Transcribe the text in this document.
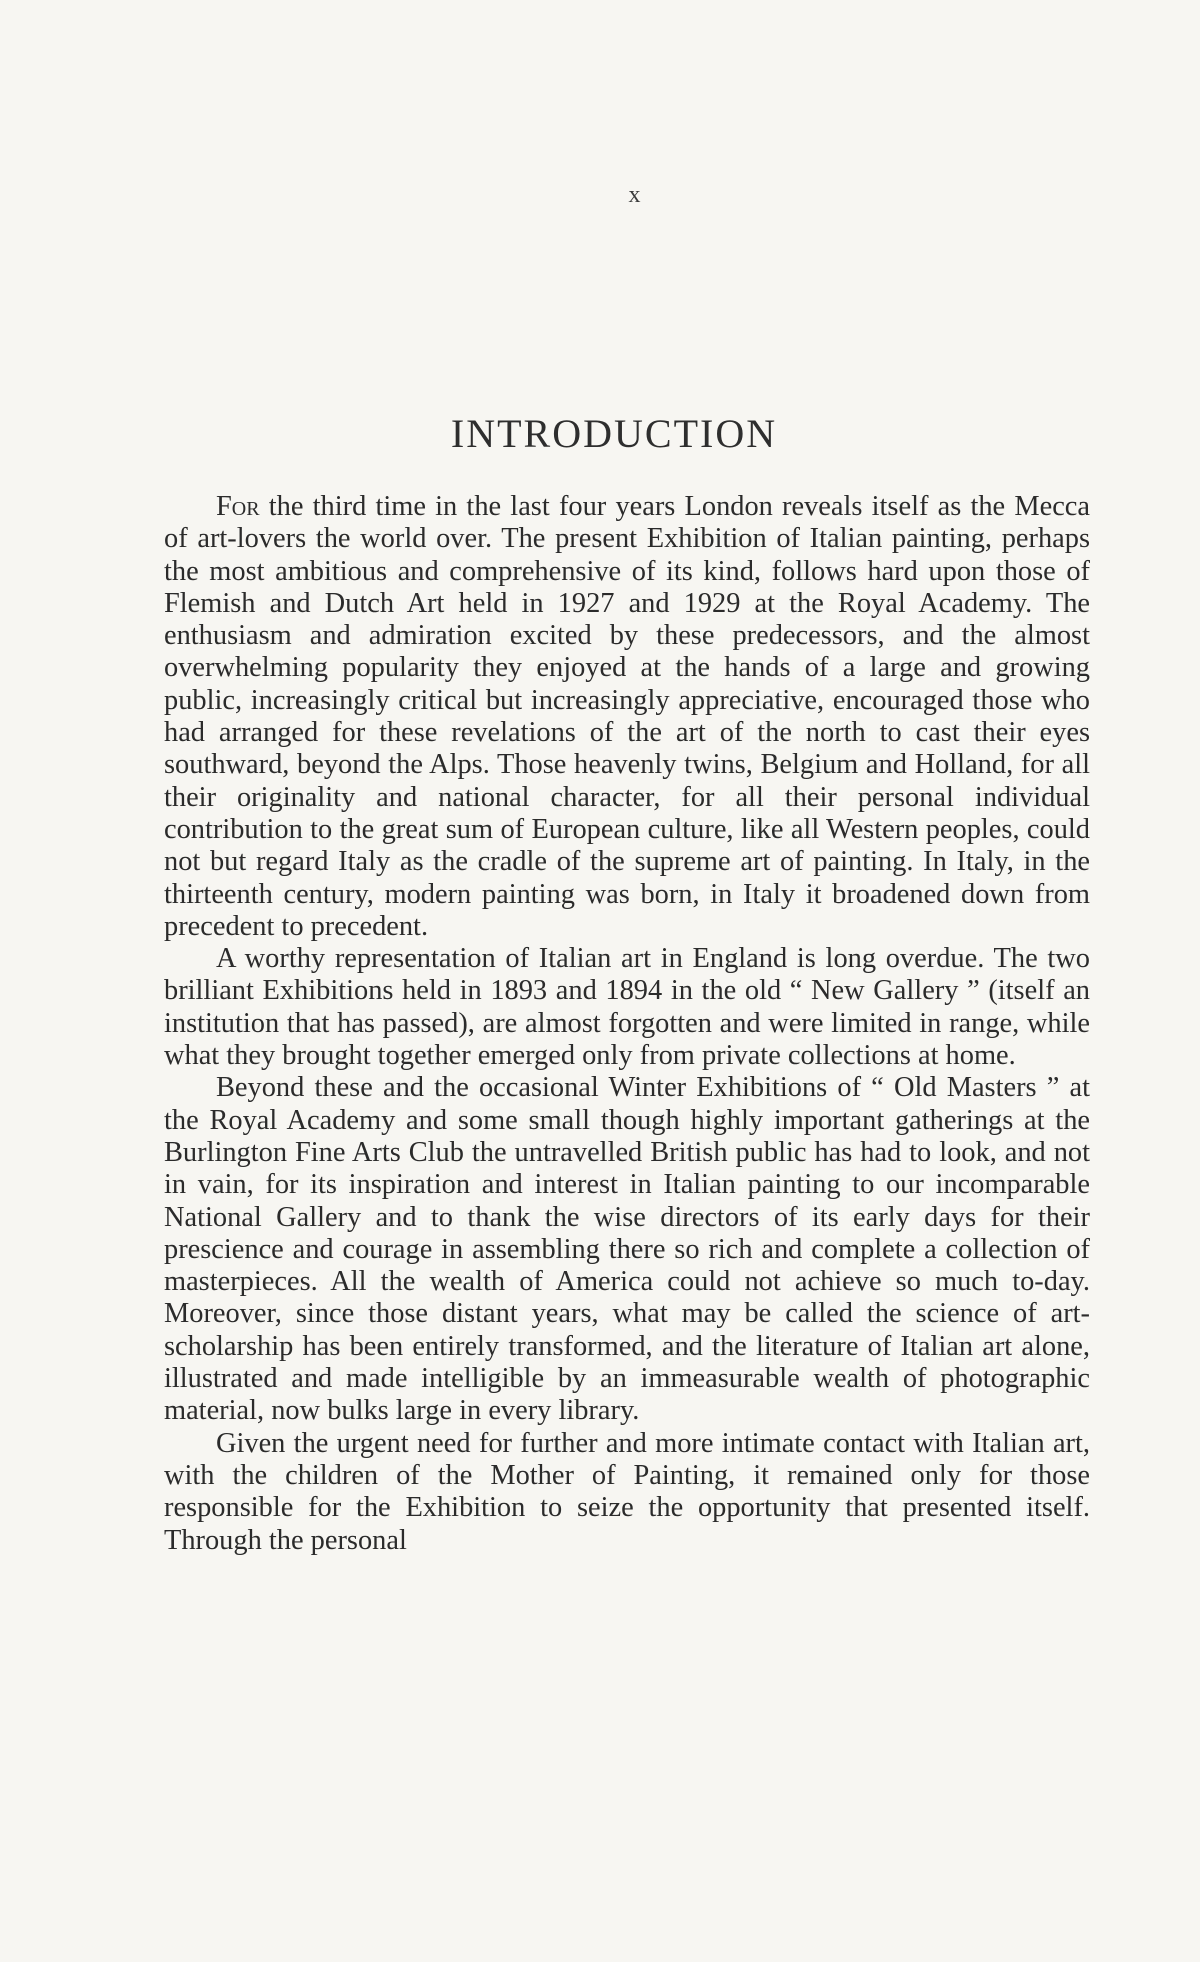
x
INTRODUCTION

For the third time in the last four years London reveals itself as the Mecca of art-lovers the world over. The present Exhibition of Italian painting, perhaps the most ambitious and comprehensive of its kind, follows hard upon those of Flemish and Dutch Art held in 1927 and 1929 at the Royal Academy. The enthusiasm and admiration excited by these predecessors, and the almost overwhelming popularity they enjoyed at the hands of a large and growing public, increasingly critical but increasingly appreciative, encouraged those who had arranged for these revelations of the art of the north to cast their eyes southward, beyond the Alps. Those heavenly twins, Belgium and Holland, for all their originality and national character, for all their personal individual contribution to the great sum of European culture, like all Western peoples, could not but regard Italy as the cradle of the supreme art of painting. In Italy, in the thirteenth century, modern painting was born, in Italy it broadened down from precedent to precedent.

A worthy representation of Italian art in England is long overdue. The two brilliant Exhibitions held in 1893 and 1894 in the old “ New Gallery ” (itself an institution that has passed), are almost forgotten and were limited in range, while what they brought together emerged only from private collections at home.

Beyond these and the occasional Winter Exhibitions of “ Old Masters ” at the Royal Academy and some small though highly important gatherings at the Burlington Fine Arts Club the untravelled British public has had to look, and not in vain, for its inspiration and interest in Italian painting to our incomparable National Gallery and to thank the wise directors of its early days for their prescience and courage in assembling there so rich and complete a collection of masterpieces. All the wealth of America could not achieve so much to-day. Moreover, since those distant years, what may be called the science of art-scholarship has been entirely transformed, and the literature of Italian art alone, illustrated and made intelligible by an immeasurable wealth of photographic material, now bulks large in every library.

Given the urgent need for further and more intimate contact with Italian art, with the children of the Mother of Painting, it remained only for those responsible for the Exhibition to seize the opportunity that presented itself. Through the personal
